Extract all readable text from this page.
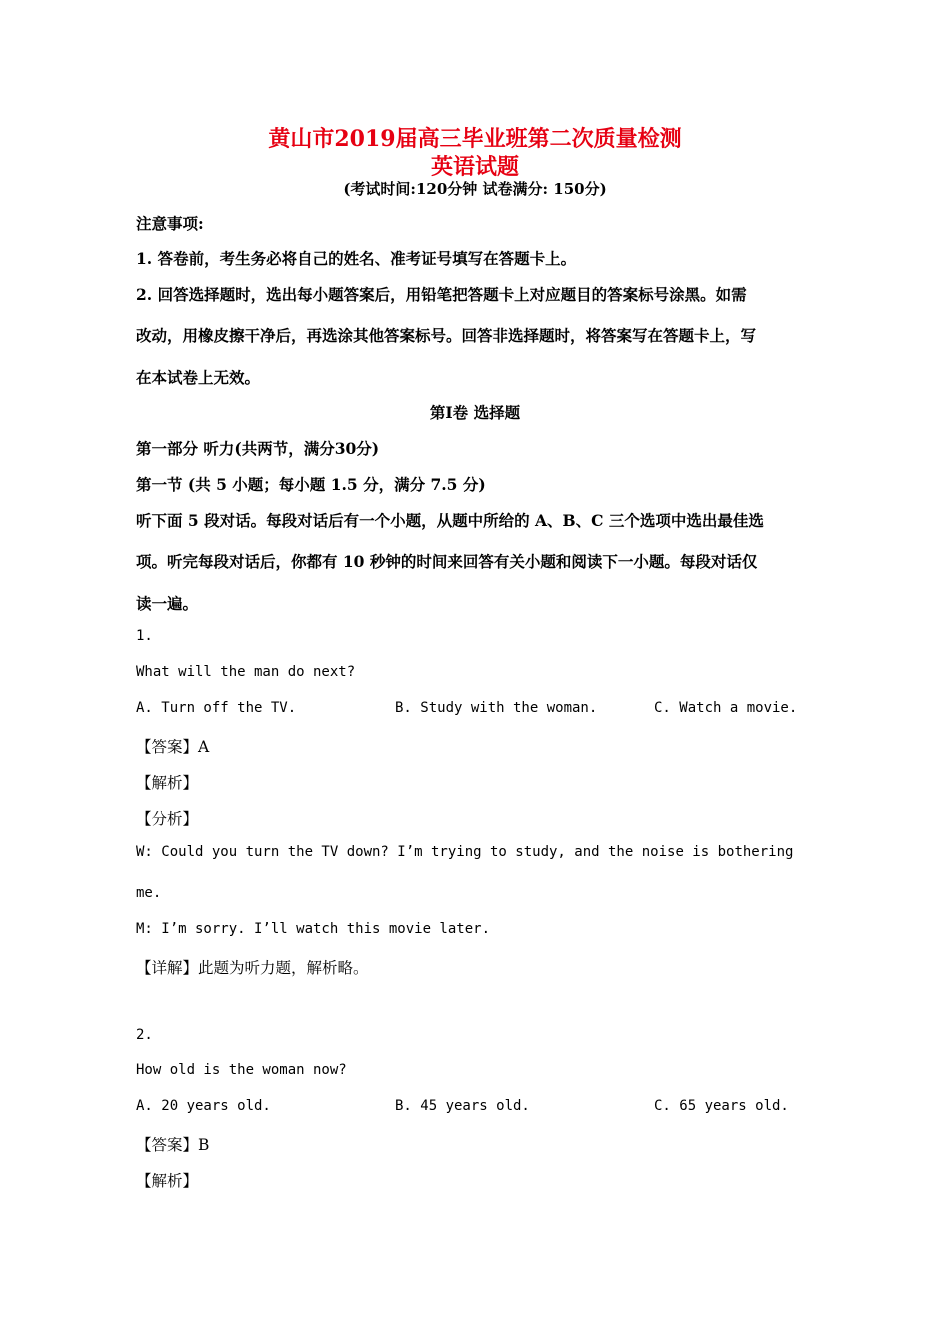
黄山市2019届高三毕业班第二次质量检测
英语试题
(考试时间:120分钟 试卷满分: 150分)
注意事项:
1. 答卷前，考生务必将自己的姓名、准考证号填写在答题卡上。
2. 回答选择题时，选出每小题答案后，用铅笔把答题卡上对应题目的答案标号涂黑。如需
改动，用橡皮擦干净后，再选涂其他答案标号。回答非选择题时，将答案写在答题卡上，写
在本试卷上无效。
第Ⅰ卷 选择题
第一部分 听力(共两节，满分30分)
第一节 (共 5 小题；每小题 1.5 分，满分 7.5 分)
听下面 5 段对话。每段对话后有一个小题，从题中所给的 A、B、C 三个选项中选出最佳选
项。听完每段对话后，你都有 10 秒钟的时间来回答有关小题和阅读下一小题。每段对话仅
读一遍。
1.
What will the man do next?
A. Turn off the TV.	B. Study with the woman.	C. Watch a movie.
【答案】A
【解析】
【分析】
W: Could you turn the TV down? I’m trying to study, and the noise is bothering
me.
M: I’m sorry. I’ll watch this movie later.
【详解】此题为听力题，解析略。
2.
How old is the woman now?
A. 20 years old.	B. 45 years old.	C. 65 years old.
【答案】B
【解析】
